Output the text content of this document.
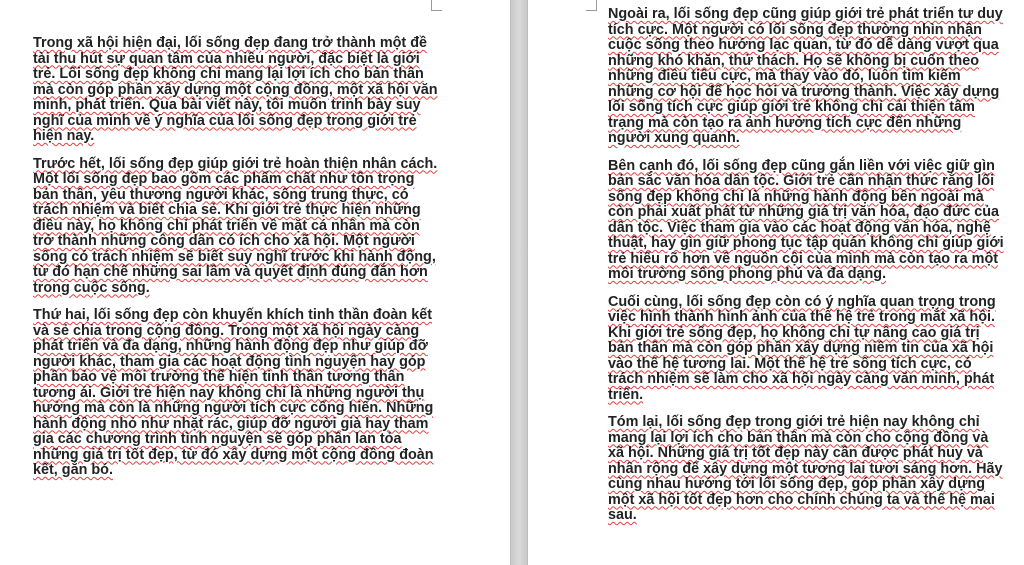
Trong xã hội hiện đại, lối sống đẹp đang trở thành một đề tài thu hút sự quan tâm của nhiều người, đặc biệt là giới trẻ. Lối sống đẹp không chỉ mang lại lợi ích cho bản thân mà còn góp phần xây dựng một cộng đồng, một xã hội văn minh, phát triển. Qua bài viết này, tôi muốn trình bày suy nghĩ của mình về ý nghĩa của lối sống đẹp trong giới trẻ hiện nay.

Trước hết, lối sống đẹp giúp giới trẻ hoàn thiện nhân cách. Một lối sống đẹp bao gồm các phẩm chất như tôn trọng bản thân, yêu thương người khác, sống trung thực, có trách nhiệm và biết chia sẻ. Khi giới trẻ thực hiện những điều này, họ không chỉ phát triển về mặt cá nhân mà còn trở thành những công dân có ích cho xã hội. Một người sống có trách nhiệm sẽ biết suy nghĩ trước khi hành động, từ đó hạn chế những sai lầm và quyết định đúng đắn hơn trong cuộc sống.

Thứ hai, lối sống đẹp còn khuyến khích tinh thần đoàn kết và sẻ chia trong cộng đồng. Trong một xã hội ngày càng phát triển và đa dạng, những hành động đẹp như giúp đỡ người khác, tham gia các hoạt động tình nguyện hay góp phần bảo vệ môi trường thể hiện tinh thần tương thân tương ái. Giới trẻ hiện nay không chỉ là những người thụ hưởng mà còn là những người tích cực cống hiến. Những hành động nhỏ như nhặt rác, giúp đỡ người già hay tham gia các chương trình tình nguyện sẽ góp phần lan tỏa những giá trị tốt đẹp, từ đó xây dựng một cộng đồng đoàn kết, gắn bó.

Ngoài ra, lối sống đẹp cũng giúp giới trẻ phát triển tư duy tích cực. Một người có lối sống đẹp thường nhìn nhận cuộc sống theo hướng lạc quan, từ đó dễ dàng vượt qua những khó khăn, thử thách. Họ sẽ không bị cuốn theo những điều tiêu cực, mà thay vào đó, luôn tìm kiếm những cơ hội để học hỏi và trưởng thành. Việc xây dựng lối sống tích cực giúp giới trẻ không chỉ cải thiện tâm trạng mà còn tạo ra ảnh hưởng tích cực đến những người xung quanh.

Bên cạnh đó, lối sống đẹp cũng gắn liền với việc giữ gìn bản sắc văn hóa dân tộc. Giới trẻ cần nhận thức rằng lối sống đẹp không chỉ là những hành động bên ngoài mà còn phải xuất phát từ những giá trị văn hóa, đạo đức của dân tộc. Việc tham gia vào các hoạt động văn hóa, nghệ thuật, hay gìn giữ phong tục tập quán không chỉ giúp giới trẻ hiểu rõ hơn về nguồn cội của mình mà còn tạo ra một môi trường sống phong phú và đa dạng.

Cuối cùng, lối sống đẹp còn có ý nghĩa quan trọng trong việc hình thành hình ảnh của thế hệ trẻ trong mắt xã hội. Khi giới trẻ sống đẹp, họ không chỉ tự nâng cao giá trị bản thân mà còn góp phần xây dựng niềm tin của xã hội vào thế hệ tương lai. Một thế hệ trẻ sống tích cực, có trách nhiệm sẽ làm cho xã hội ngày càng văn minh, phát triển.

Tóm lại, lối sống đẹp trong giới trẻ hiện nay không chỉ mang lại lợi ích cho bản thân mà còn cho cộng đồng và xã hội. Những giá trị tốt đẹp này cần được phát huy và nhân rộng để xây dựng một tương lai tươi sáng hơn. Hãy cùng nhau hướng tới lối sống đẹp, góp phần xây dựng một xã hội tốt đẹp hơn cho chính chúng ta và thế hệ mai sau.
